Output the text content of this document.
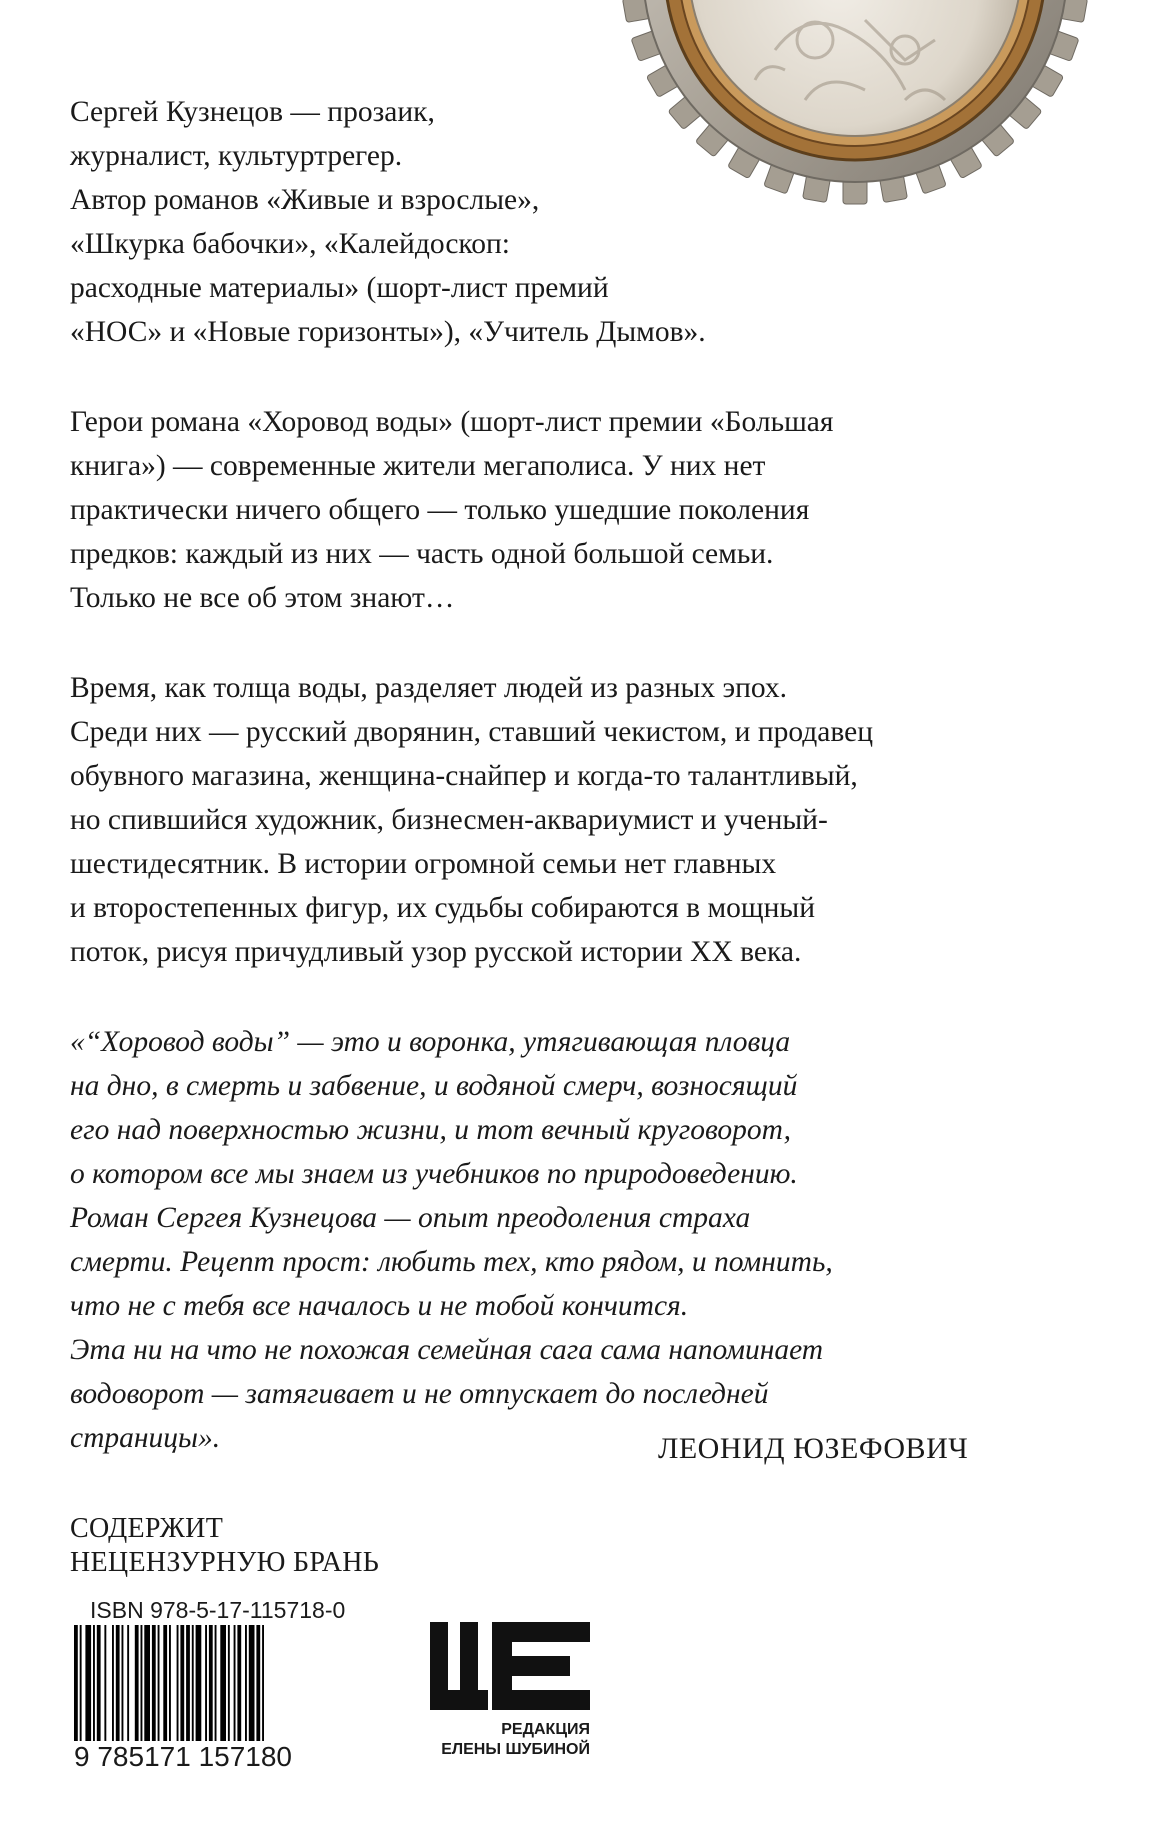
Сергей Кузнецов — прозаик,
журналист, культуртрегер.
Автор романов «Живые и взрослые»,
«Шкурка бабочки», «Калейдоскоп:
расходные материалы» (шорт-лист премий
«НОС» и «Новые горизонты»), «Учитель Дымов».
Герои романа «Хоровод воды» (шорт-лист премии «Большая
книга») — современные жители мегаполиса. У них нет
практически ничего общего — только ушедшие поколения
предков: каждый из них — часть одной большой семьи.
Только не все об этом знают…
Время, как толща воды, разделяет людей из разных эпох.
Среди них — русский дворянин, ставший чекистом, и продавец
обувного магазина, женщина-снайпер и когда-то талантливый,
но спившийся художник, бизнесмен-аквариумист и ученый-
шестидесятник. В истории огромной семьи нет главных
и второстепенных фигур, их судьбы собираются в мощный
поток, рисуя причудливый узор русской истории XX века.
«“Хоровод воды” — это и воронка, утягивающая пловца
на дно, в смерть и забвение, и водяной смерч, возносящий
его над поверхностью жизни, и тот вечный круговорот,
о котором все мы знаем из учебников по природоведению.
Роман Сергея Кузнецова — опыт преодоления страха
смерти. Рецепт прост: любить тех, кто рядом, и помнить,
что не с тебя все началось и не тобой кончится.
Эта ни на что не похожая семейная сага сама напоминает
водоворот — затягивает и не отпускает до последней
страницы».	ЛЕОНИД ЮЗЕФОВИЧ
СОДЕРЖИТ
НЕЦЕНЗУРНУЮ БРАНЬ
ISBN 978-5-17-115718-0
9 785171 157180
РЕДАКЦИЯ
ЕЛЕНЫ ШУБИНОЙ
